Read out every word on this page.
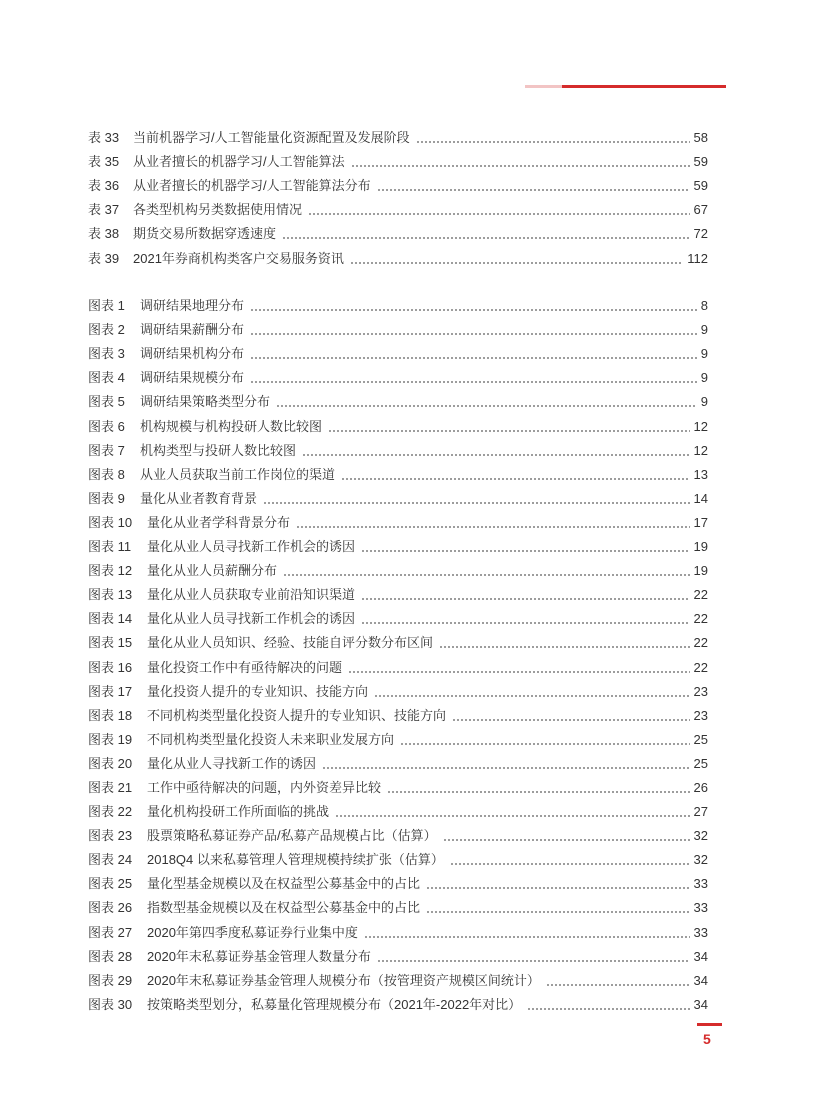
表 33	当前机器学习/人工智能量化资源配置及发展阶段	58
表 35	从业者擅长的机器学习/人工智能算法	59
表 36	从业者擅长的机器学习/人工智能算法分布	59
表 37	各类型机构另类数据使用情况	67
表 38	期货交易所数据穿透速度	72
表 39	2021年券商机构类客户交易服务资讯	112
图表 1	调研结果地理分布	8
图表 2	调研结果薪酬分布	9
图表 3	调研结果机构分布	9
图表 4	调研结果规模分布	9
图表 5	调研结果策略类型分布	9
图表 6	机构规模与机构投研人数比较图	12
图表 7	机构类型与投研人数比较图	12
图表 8	从业人员获取当前工作岗位的渠道	13
图表 9	量化从业者教育背景	14
图表 10	量化从业者学科背景分布	17
图表 11	量化从业人员寻找新工作机会的诱因	19
图表 12	量化从业人员薪酬分布	19
图表 13	量化从业人员获取专业前沿知识渠道	22
图表 14	量化从业人员寻找新工作机会的诱因	22
图表 15	量化从业人员知识、经验、技能自评分数分布区间	22
图表 16	量化投资工作中有亟待解决的问题	22
图表 17	量化投资人提升的专业知识、技能方向	23
图表 18	不同机构类型量化投资人提升的专业知识、技能方向	23
图表 19	不同机构类型量化投资人未来职业发展方向	25
图表 20	量化从业人寻找新工作的诱因	25
图表 21	工作中亟待解决的问题，内外资差异比较	26
图表 22	量化机构投研工作所面临的挑战	27
图表 23	股票策略私募证券产品/私募产品规模占比（估算）	32
图表 24	2018Q4 以来私募管理人管理规模持续扩张（估算）	32
图表 25	量化型基金规模以及在权益型公募基金中的占比	33
图表 26	指数型基金规模以及在权益型公募基金中的占比	33
图表 27	2020年第四季度私募证券行业集中度	33
图表 28	2020年末私募证券基金管理人数量分布	34
图表 29	2020年末私募证券基金管理人规模分布（按管理资产规模区间统计）	34
图表 30	按策略类型划分，私募量化管理规模分布（2021年-2022年对比）	34
5
